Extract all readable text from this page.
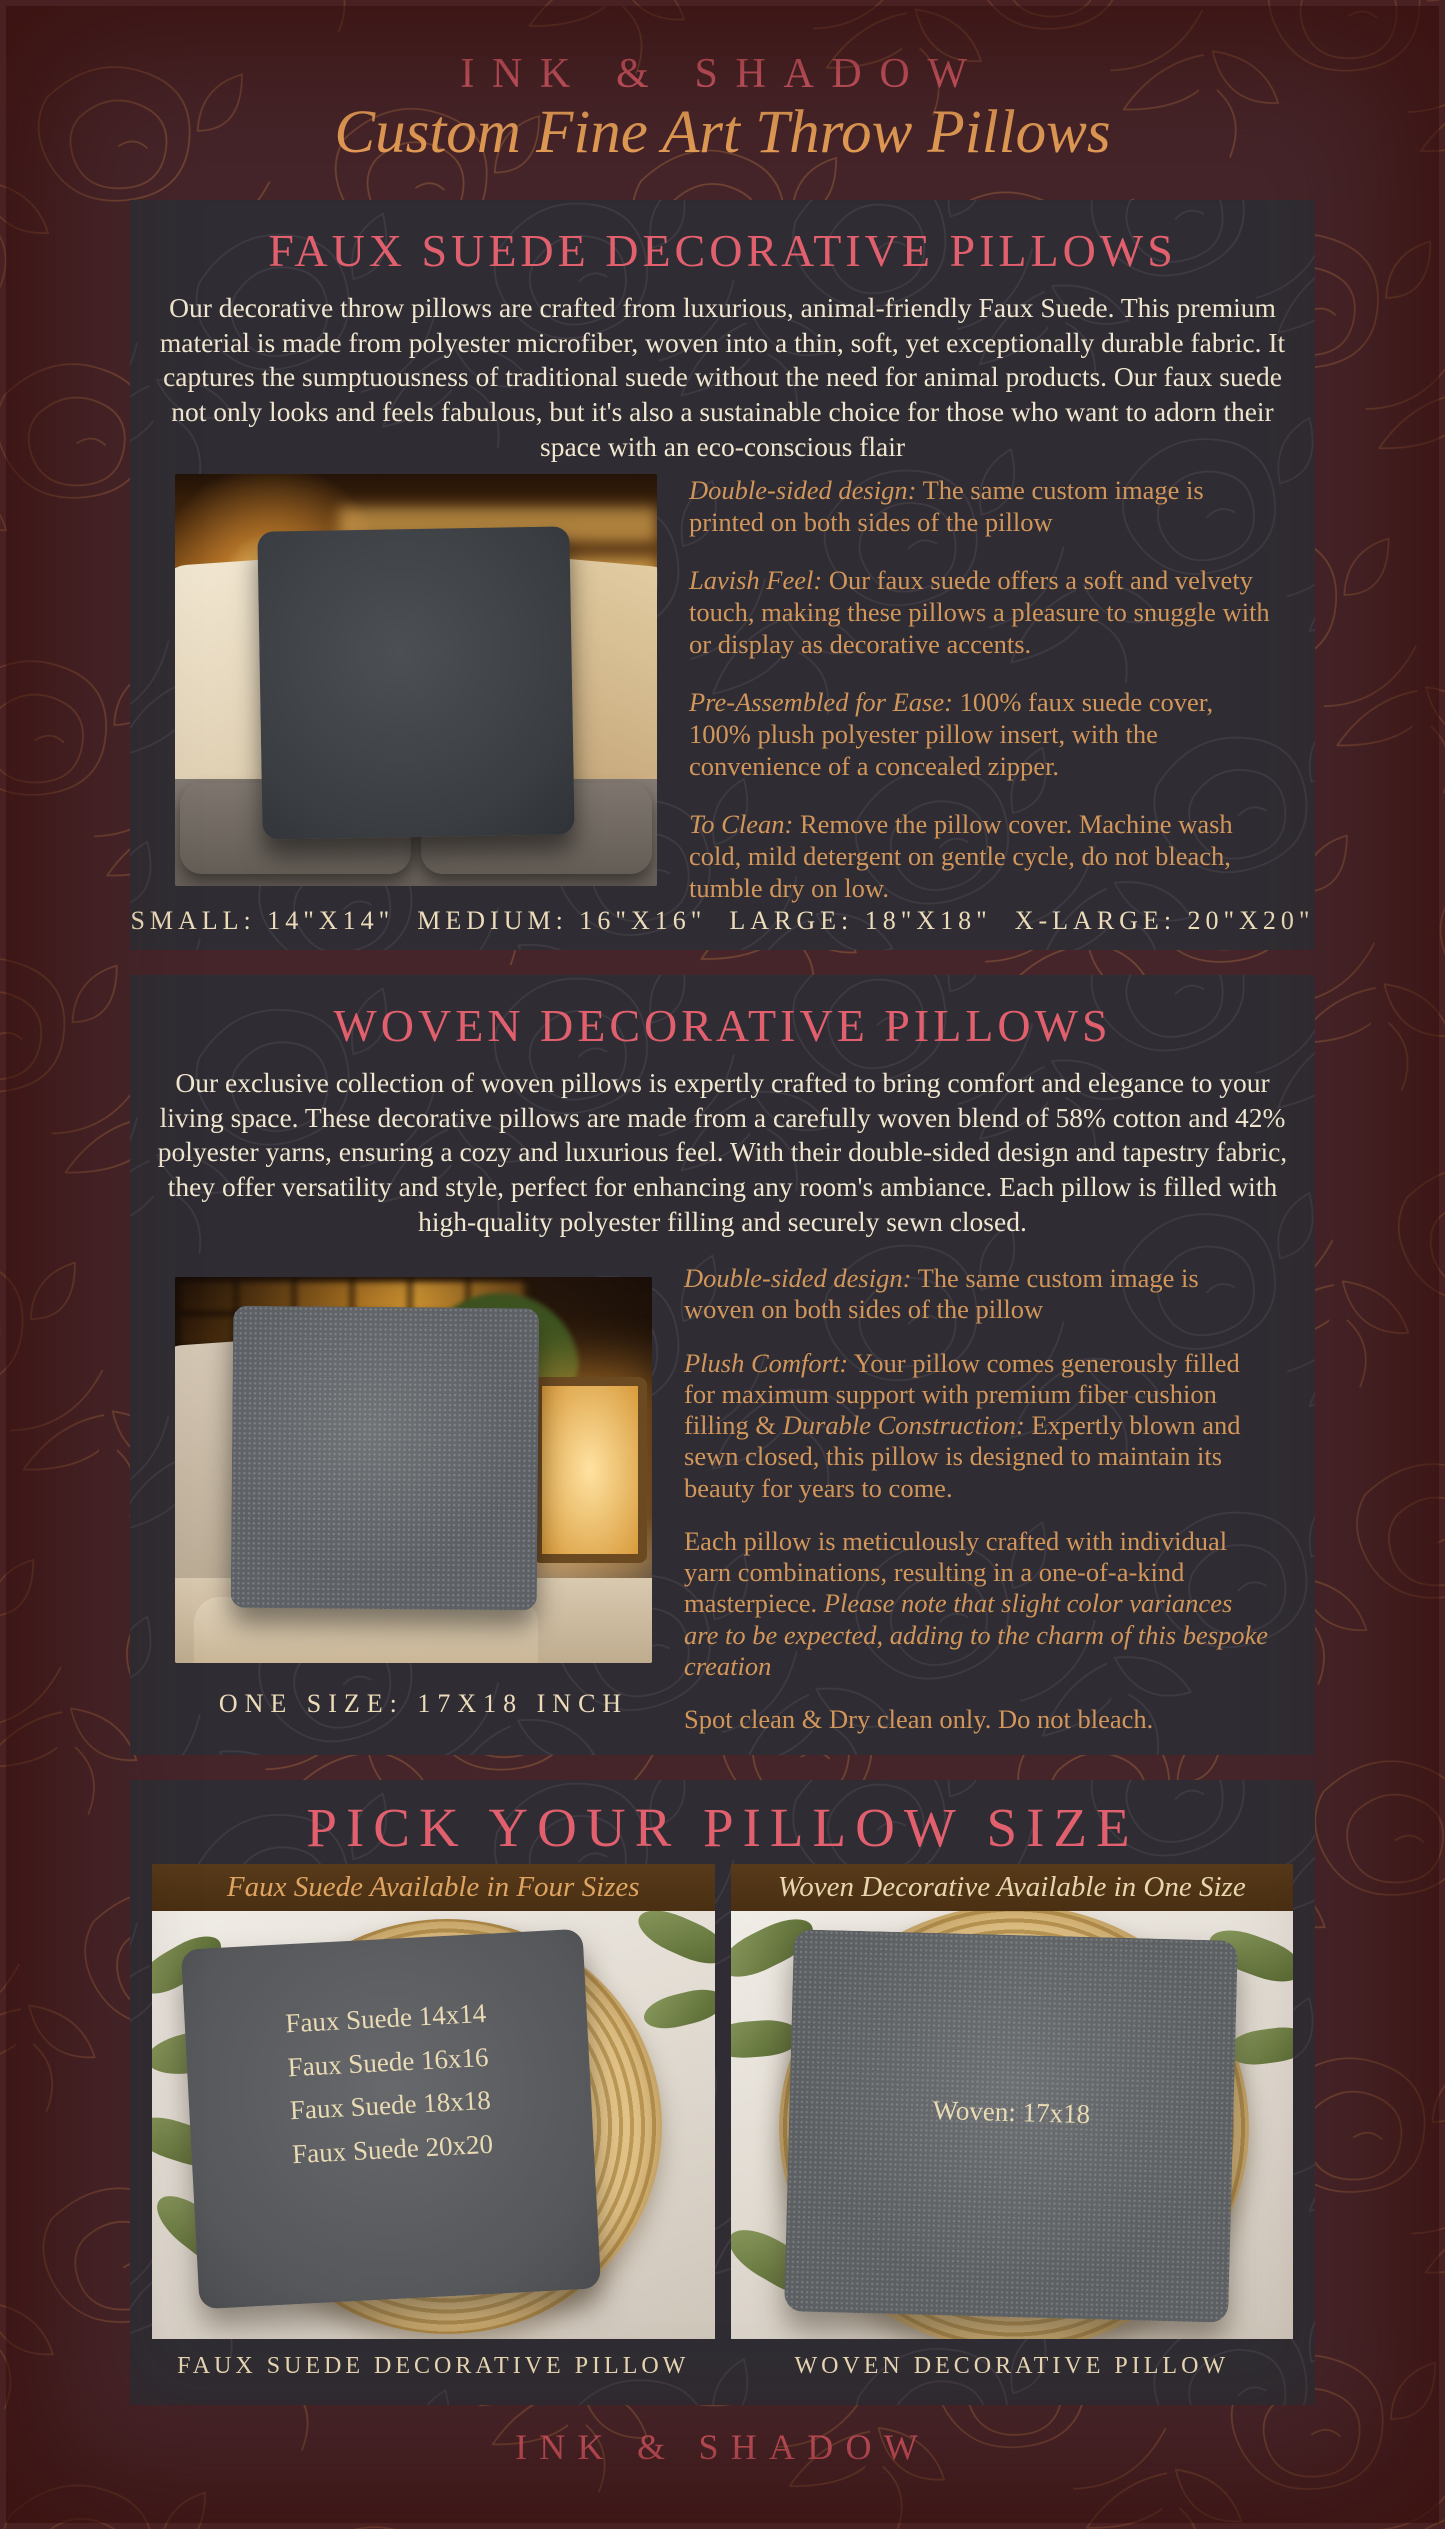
INK & SHADOW
Custom Fine Art Throw Pillows
FAUX SUEDE DECORATIVE PILLOWS
Our decorative throw pillows are crafted from luxurious, animal-friendly Faux Suede. This premium material is made from polyester microfiber, woven into a thin, soft, yet exceptionally durable fabric. It captures the sumptuousness of traditional suede without the need for animal products. Our faux suede not only looks and feels fabulous, but it's also a sustainable choice for those who want to adorn their space with an eco-conscious flair
Double-sided design: The same custom image is printed on both sides of the pillow
Lavish Feel: Our faux suede offers a soft and velvety touch, making these pillows a pleasure to snuggle with or display as decorative accents.
Pre-Assembled for Ease: 100% faux suede cover, 100% plush polyester pillow insert, with the convenience of a concealed zipper.
To Clean: Remove the pillow cover. Machine wash cold, mild detergent on gentle cycle, do not bleach, tumble dry on low.
SMALL: 14"X14"  MEDIUM: 16"X16"  LARGE: 18"X18"  X-LARGE: 20"X20"
WOVEN DECORATIVE PILLOWS
Our exclusive collection of woven pillows is expertly crafted to bring comfort and elegance to your living space. These decorative pillows are made from a carefully woven blend of 58% cotton and 42% polyester yarns, ensuring a cozy and luxurious feel. With their double-sided design and tapestry fabric, they offer versatility and style, perfect for enhancing any room's ambiance. Each pillow is filled with high-quality polyester filling and securely sewn closed.
Double-sided design: The same custom image is woven on both sides of the pillow
Plush Comfort: Your pillow comes generously filled for maximum support with premium fiber cushion filling & Durable Construction: Expertly blown and sewn closed, this pillow is designed to maintain its beauty for years to come.
Each pillow is meticulously crafted with individual yarn combinations, resulting in a one-of-a-kind masterpiece. Please note that slight color variances are to be expected, adding to the charm of this bespoke creation
Spot clean & Dry clean only. Do not bleach.
ONE SIZE: 17X18 INCH
PICK YOUR PILLOW SIZE
Faux Suede Available in Four Sizes
Faux Suede 14x14
Faux Suede 16x16
Faux Suede 18x18
Faux Suede 20x20
FAUX SUEDE DECORATIVE PILLOW
Woven Decorative Available in One Size
Woven: 17x18
WOVEN DECORATIVE PILLOW
INK & SHADOW
